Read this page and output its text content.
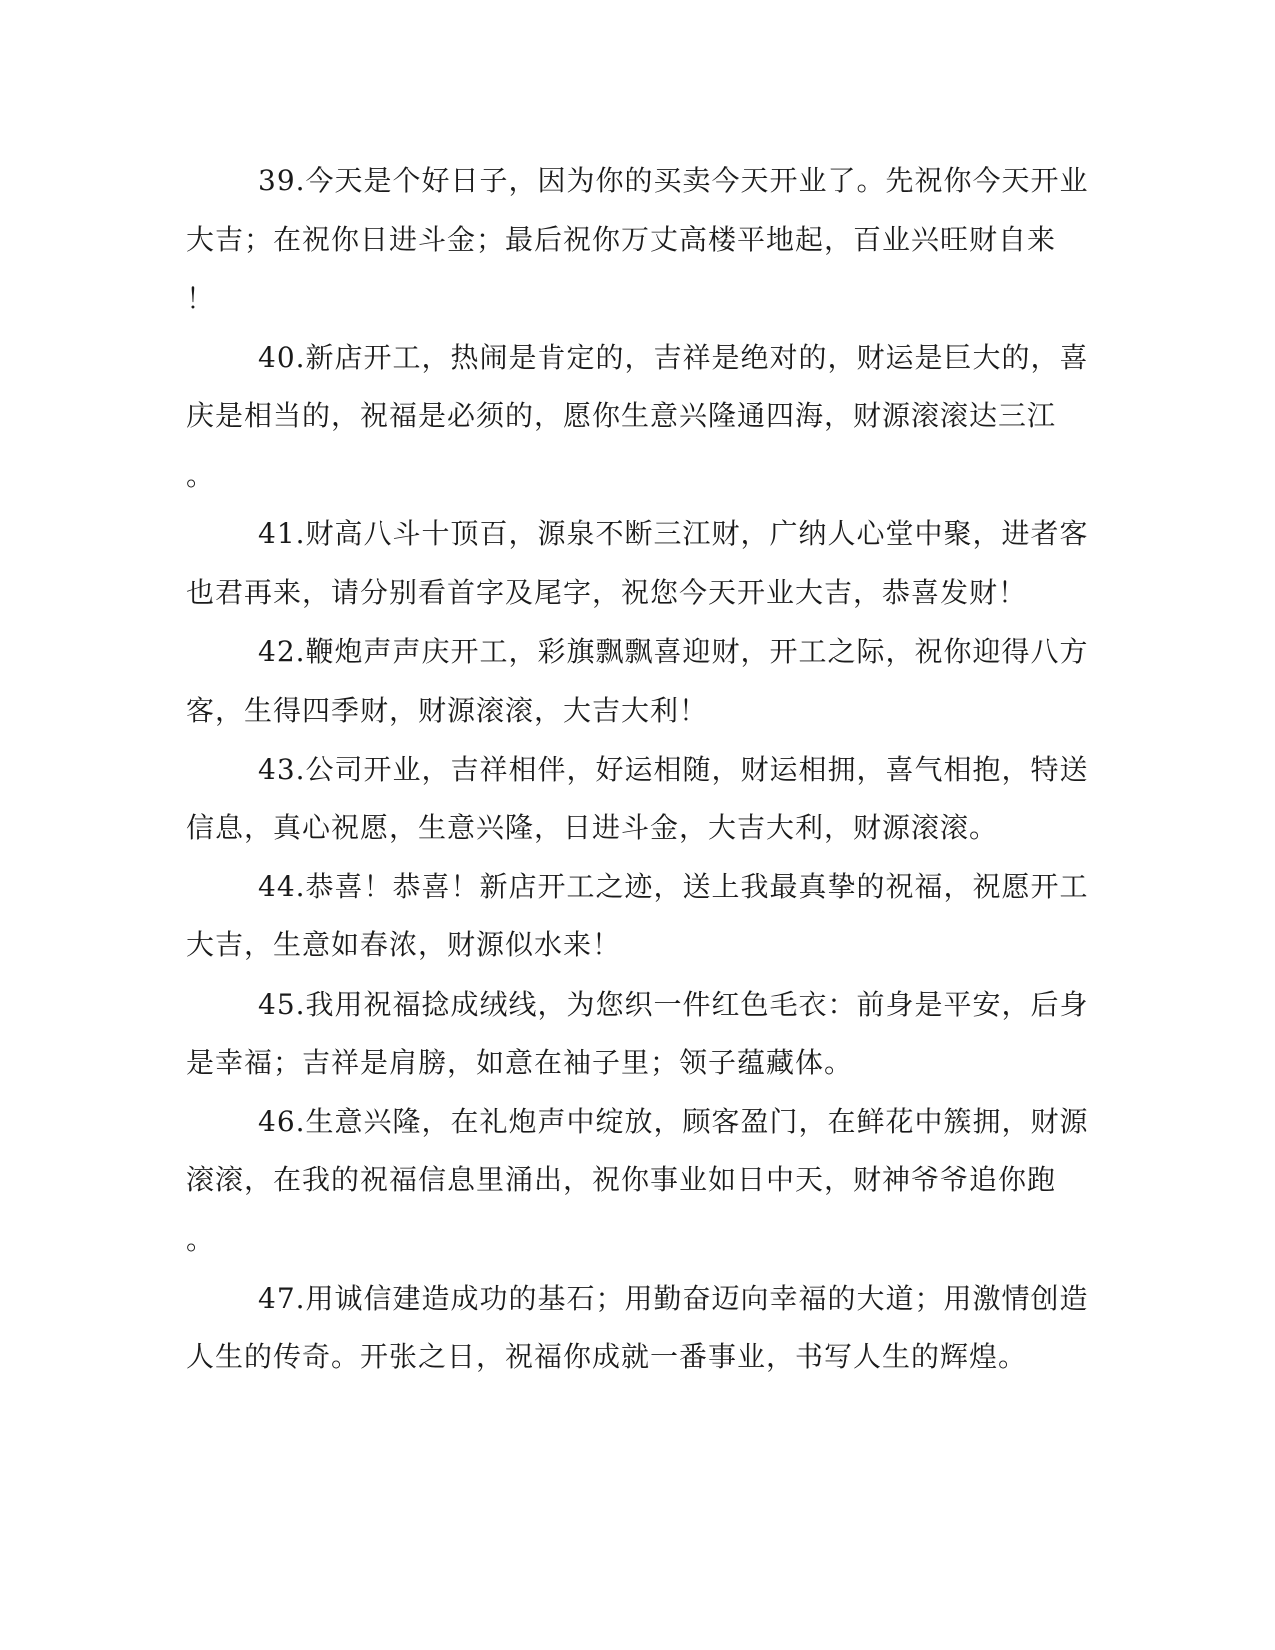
39.今天是个好日子，因为你的买卖今天开业了。先祝你今天开业
大吉；在祝你日进斗金；最后祝你万丈高楼平地起，百业兴旺财自来
！
40.新店开工，热闹是肯定的，吉祥是绝对的，财运是巨大的，喜
庆是相当的，祝福是必须的，愿你生意兴隆通四海，财源滚滚达三江
。
41.财高八斗十顶百，源泉不断三江财，广纳人心堂中聚，进者客
也君再来，请分别看首字及尾字，祝您今天开业大吉，恭喜发财！
42.鞭炮声声庆开工，彩旗飘飘喜迎财，开工之际，祝你迎得八方
客，生得四季财，财源滚滚，大吉大利！
43.公司开业，吉祥相伴，好运相随，财运相拥，喜气相抱，特送
信息，真心祝愿，生意兴隆，日进斗金，大吉大利，财源滚滚。
44.恭喜！恭喜！新店开工之迹，送上我最真挚的祝福，祝愿开工
大吉，生意如春浓，财源似水来！
45.我用祝福捻成绒线，为您织一件红色毛衣：前身是平安，后身
是幸福；吉祥是肩膀，如意在袖子里；领子蕴藏体。
46.生意兴隆，在礼炮声中绽放，顾客盈门，在鲜花中簇拥，财源
滚滚，在我的祝福信息里涌出，祝你事业如日中天，财神爷爷追你跑
。
47.用诚信建造成功的基石；用勤奋迈向幸福的大道；用激情创造
人生的传奇。开张之日，祝福你成就一番事业，书写人生的辉煌。
